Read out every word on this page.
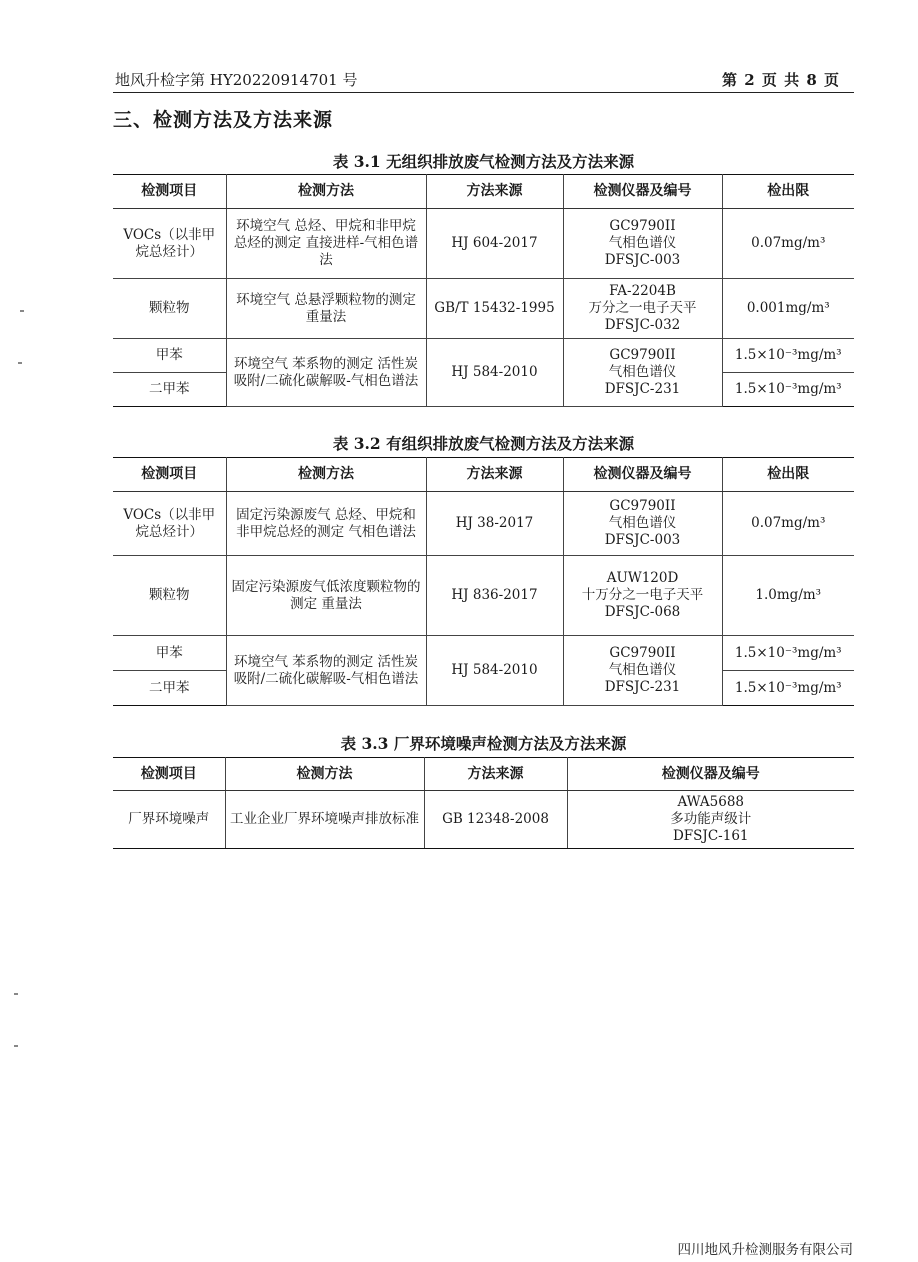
地风升检字第 HY20220914701 号	第 2 页 共 8 页
三、检测方法及方法来源
表 3.1 无组织排放废气检测方法及方法来源
检测项目	检测方法	方法来源	检测仪器及编号	检出限
VOCs（以非甲烷总烃计）	环境空气 总烃、甲烷和非甲烷总烃的测定 直接进样-气相色谱法	HJ 604-2017	GC9790II
气相色谱仪
DFSJC-003	0.07mg/m³
颗粒物	环境空气 总悬浮颗粒物的测定 重量法	GB/T 15432-1995	FA-2204B
万分之一电子天平
DFSJC-032	0.001mg/m³
甲苯	环境空气 苯系物的测定 活性炭吸附/二硫化碳解吸-气相色谱法	HJ 584-2010	GC9790II
气相色谱仪
DFSJC-231	1.5×10⁻³mg/m³
二甲苯				1.5×10⁻³mg/m³
表 3.2 有组织排放废气检测方法及方法来源
检测项目	检测方法	方法来源	检测仪器及编号	检出限
VOCs（以非甲烷总烃计）	固定污染源废气 总烃、甲烷和非甲烷总烃的测定 气相色谱法	HJ 38-2017	GC9790II
气相色谱仪
DFSJC-003	0.07mg/m³
颗粒物	固定污染源废气低浓度颗粒物的测定 重量法	HJ 836-2017	AUW120D
十万分之一电子天平
DFSJC-068	1.0mg/m³
甲苯	环境空气 苯系物的测定 活性炭吸附/二硫化碳解吸-气相色谱法	HJ 584-2010	GC9790II
气相色谱仪
DFSJC-231	1.5×10⁻³mg/m³
二甲苯				1.5×10⁻³mg/m³
表 3.3 厂界环境噪声检测方法及方法来源
检测项目	检测方法	方法来源	检测仪器及编号
厂界环境噪声	工业企业厂界环境噪声排放标准	GB 12348-2008	AWA5688
多功能声级计
DFSJC-161
四川地风升检测服务有限公司
